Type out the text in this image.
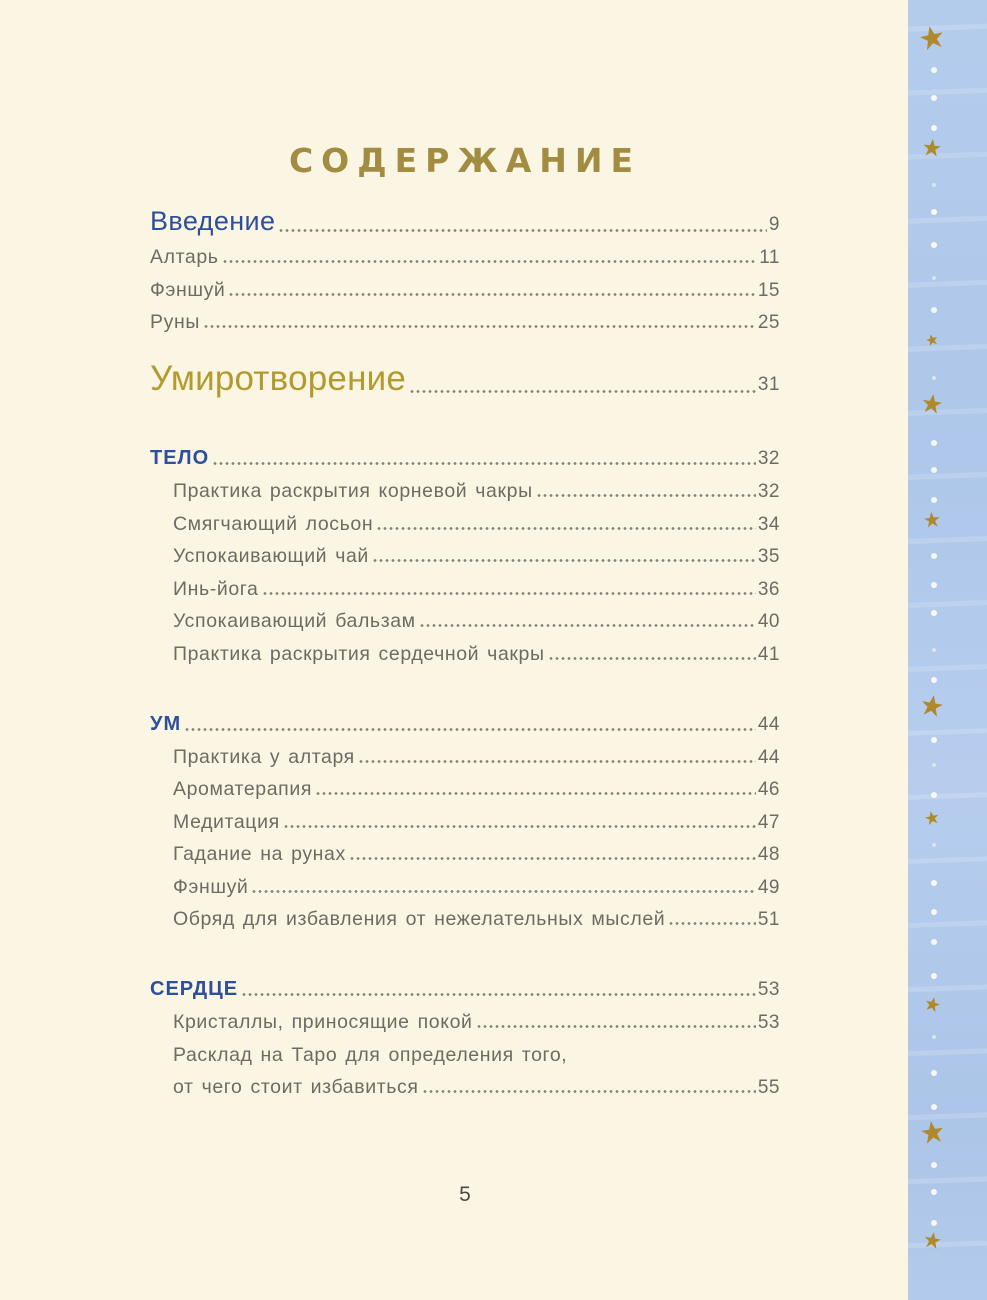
СОДЕРЖАНИЕ
Введение	9
Алтарь	11
Фэншуй	15
Руны	25
Умиротворение	31
ТЕЛО	32
Практика раскрытия корневой чакры	32
Смягчающий лосьон	34
Успокаивающий чай	35
Инь-йога	36
Успокаивающий бальзам	40
Практика раскрытия сердечной чакры	41
УМ	44
Практика у алтаря	44
Ароматерапия	46
Медитация	47
Гадание на рунах	48
Фэншуй	49
Обряд для избавления от нежелательных мыслей	51
СЕРДЦЕ	53
Кристаллы, приносящие покой	53
Расклад на Таро для определения того,
от чего стоит избавиться	55
5
